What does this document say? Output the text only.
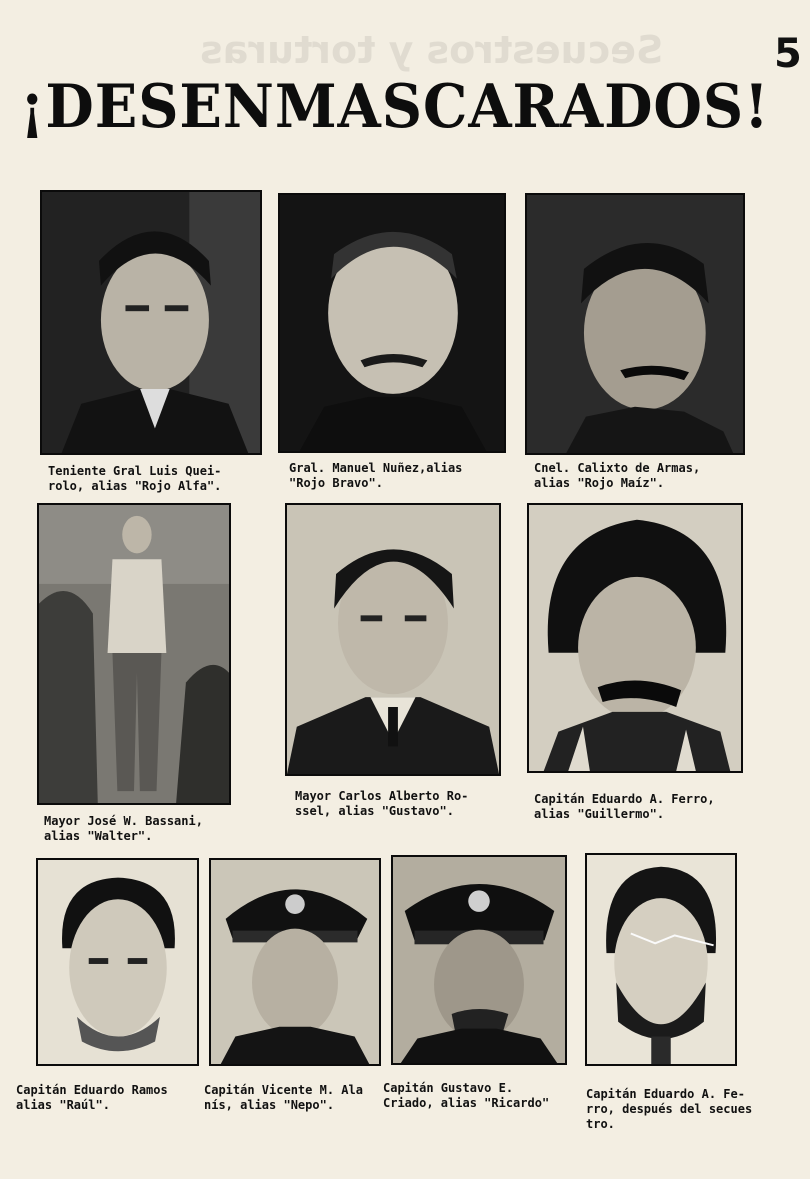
Secuestros y torturas	5
¡DESENMASCARADOS!
Teniente Gral Luis Quei-
rolo, alias "Rojo Alfa".
Gral. Manuel Nuñez,alias
"Rojo Bravo".
Cnel. Calixto de Armas,
alias "Rojo Maíz".
Mayor José W. Bassani,
alias "Walter".
Mayor Carlos Alberto Ro-
ssel, alias "Gustavo".
Capitán Eduardo A. Ferro,
alias "Guillermo".
Capitán Eduardo Ramos
alias "Raúl".
Capitán Vicente M. Ala
nís, alias "Nepo".
Capitán Gustavo E.
Criado, alias "Ricardo"
Capitán Eduardo A. Fe-
rro, después del secues
tro.
